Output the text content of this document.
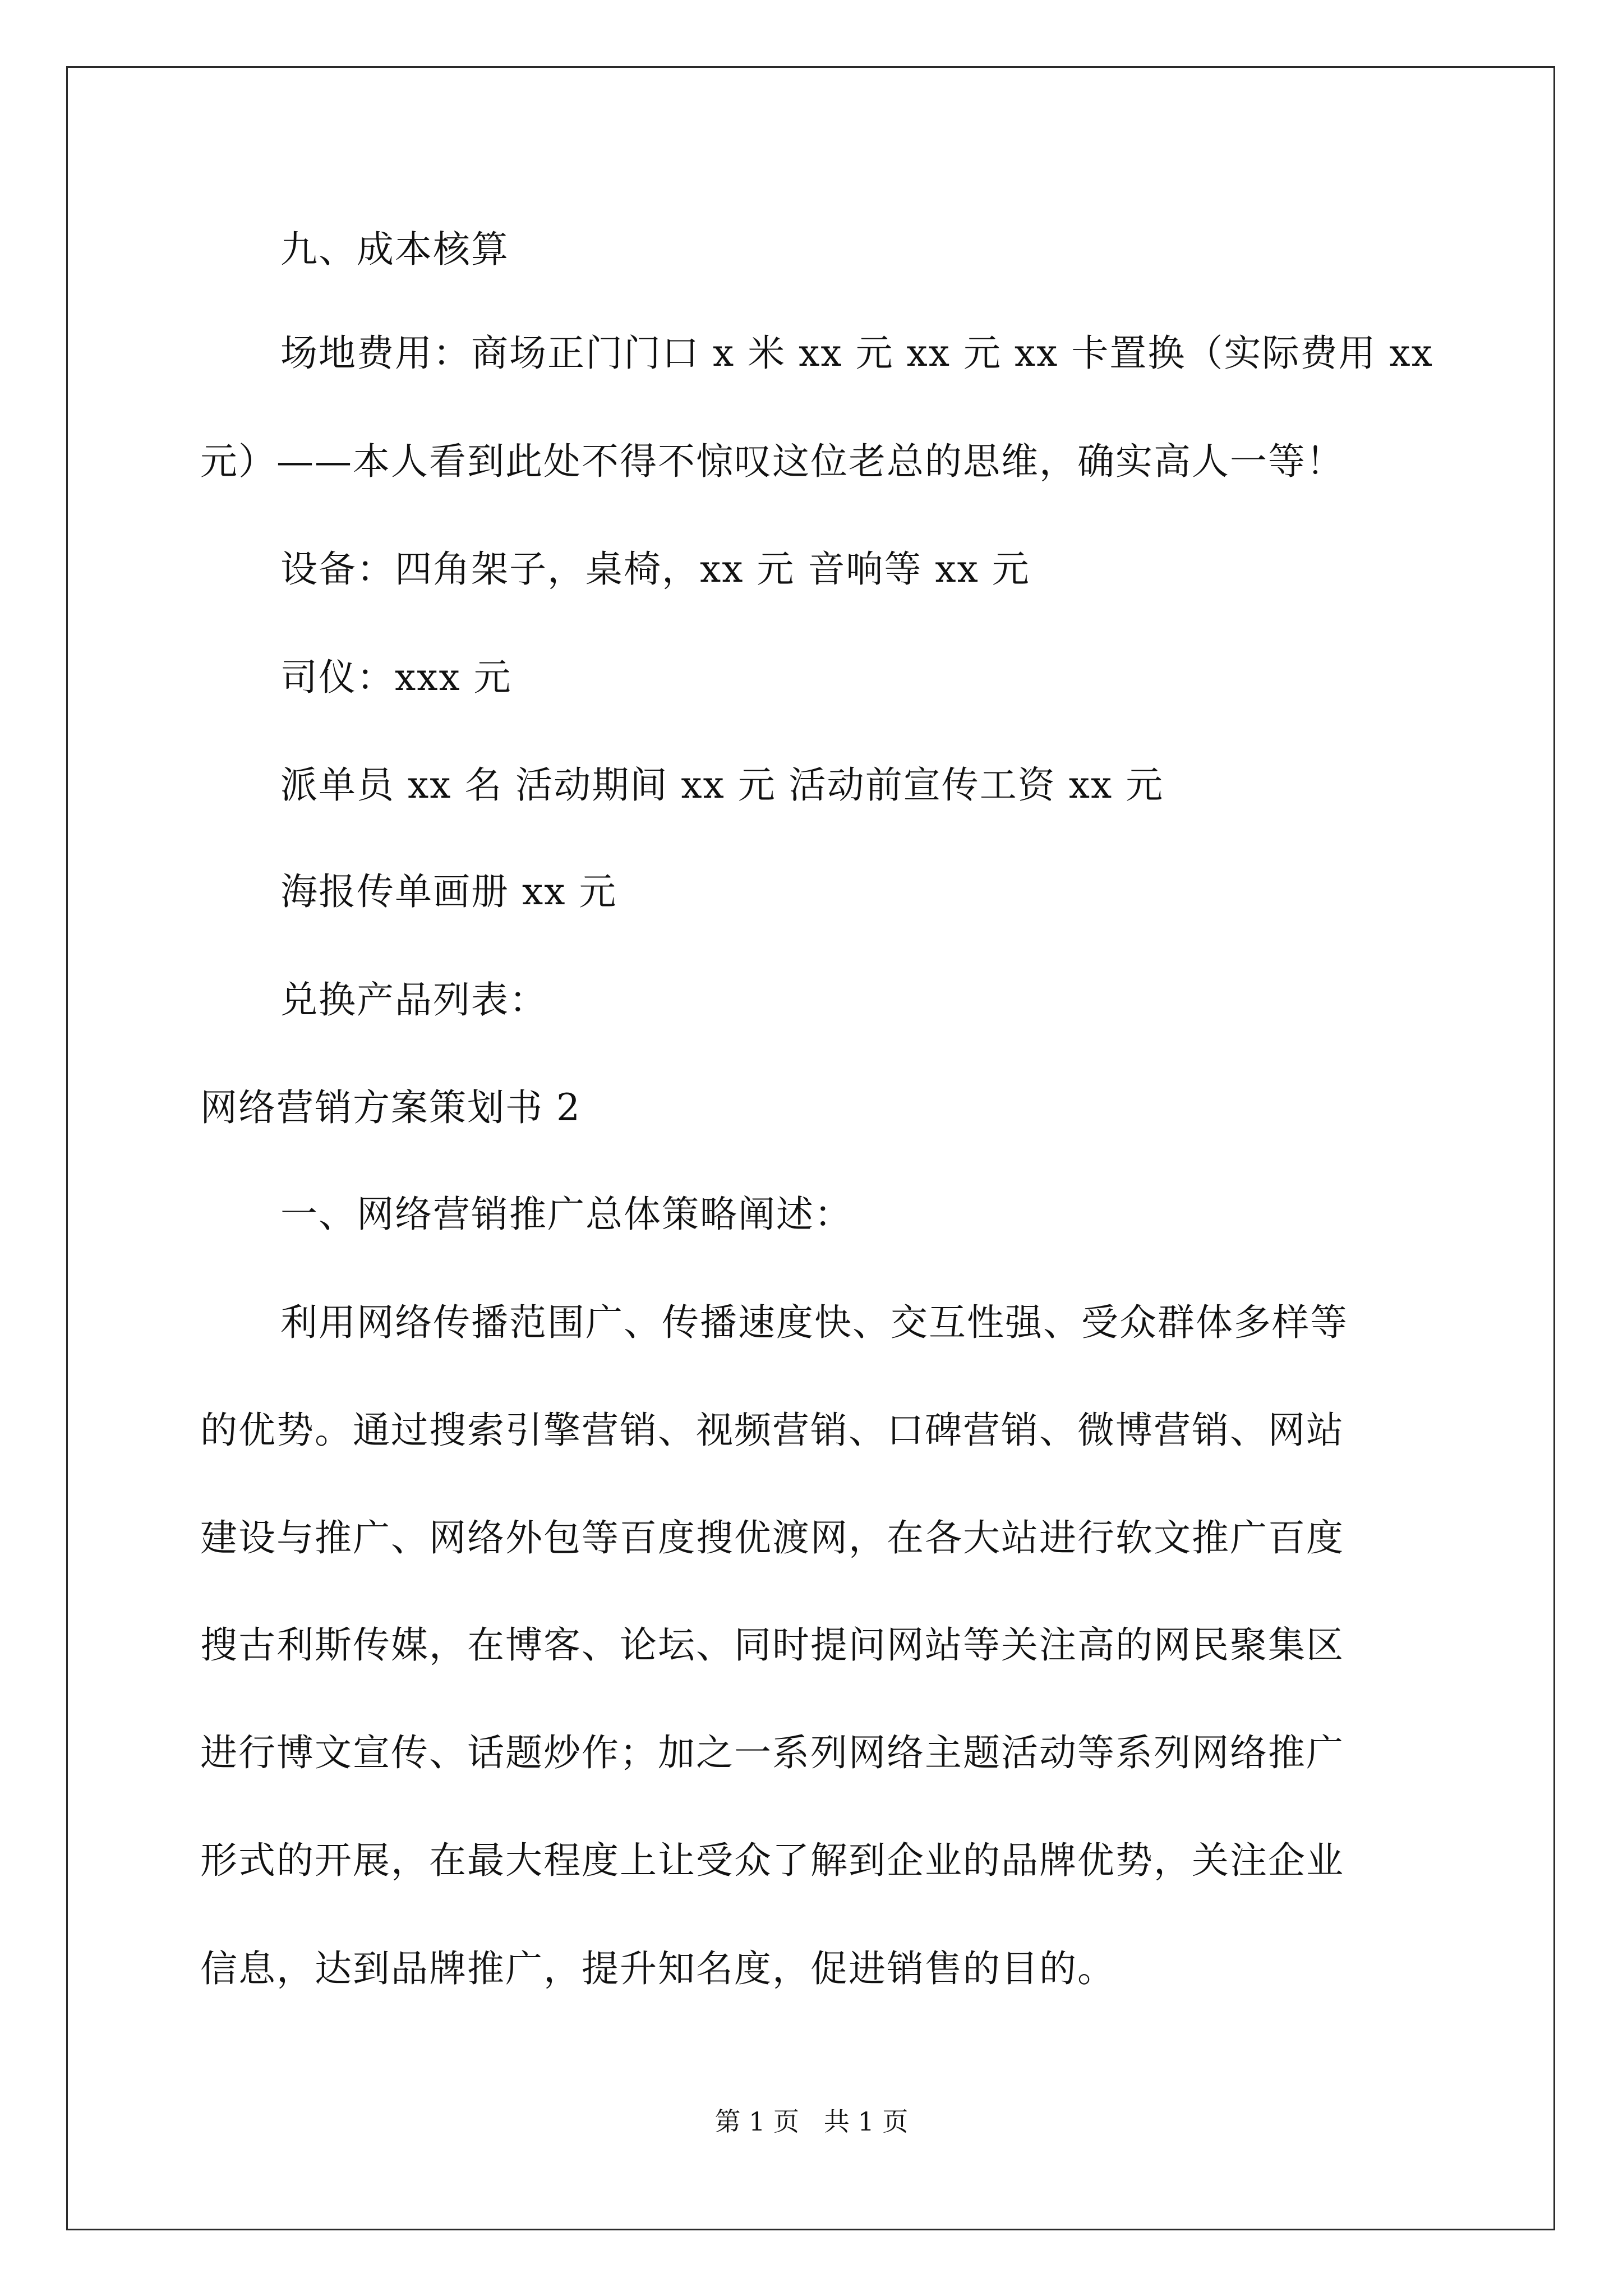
九、成本核算
场地费用：商场正门门口 x 米 xx 元 xx 元 xx 卡置换（实际费用 xx
元）——本人看到此处不得不惊叹这位老总的思维，确实高人一等！
设备：四角架子，桌椅，xx 元 音响等 xx 元
司仪：xxx 元
派单员 xx 名 活动期间 xx 元 活动前宣传工资 xx 元
海报传单画册 xx 元
兑换产品列表：
网络营销方案策划书 2
一、网络营销推广总体策略阐述：
利用网络传播范围广、传播速度快、交互性强、受众群体多样等
的优势。通过搜索引擎营销、视频营销、口碑营销、微博营销、网站
建设与推广、网络外包等百度搜优渡网，在各大站进行软文推广百度
搜古利斯传媒，在博客、论坛、同时提问网站等关注高的网民聚集区
进行博文宣传、话题炒作；加之一系列网络主题活动等系列网络推广
形式的开展，在最大程度上让受众了解到企业的品牌优势，关注企业
信息，达到品牌推广，提升知名度，促进销售的目的。
第 1 页   共 1 页
